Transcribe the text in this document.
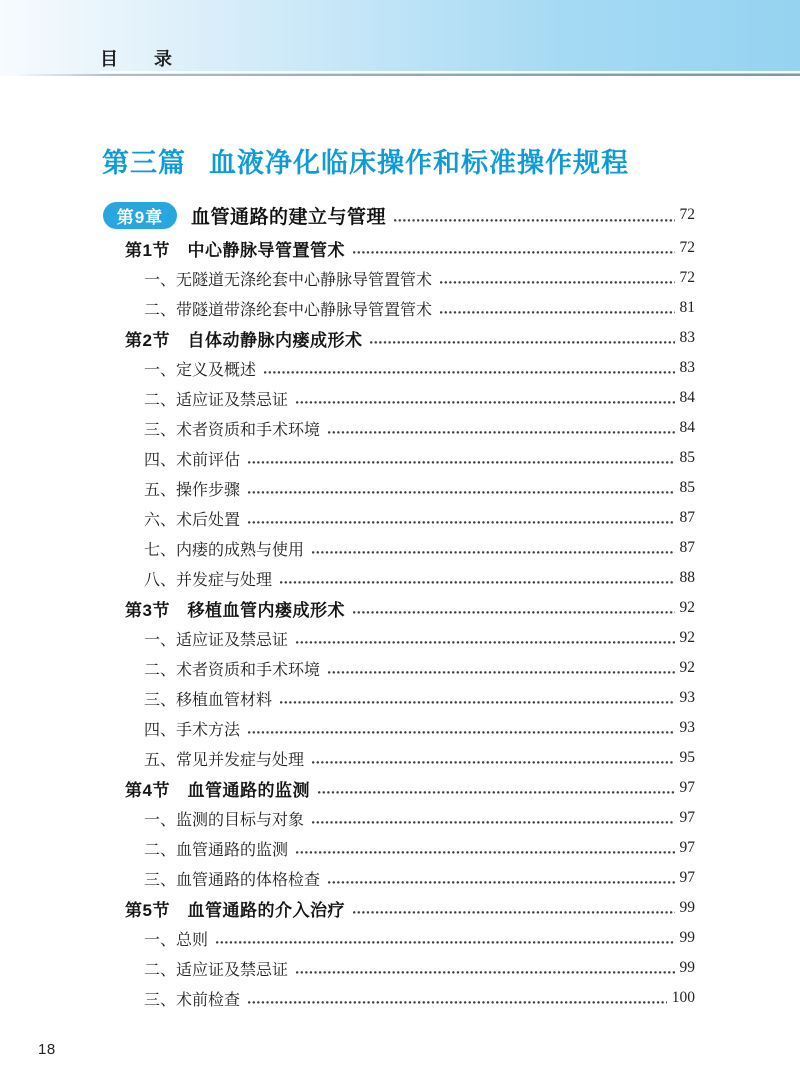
目　　录
第三篇 血液净化临床操作和标准操作规程
第9章	血管通路的建立与管理	72
第1节　中心静脉导管置管术	72
一、无隧道无涤纶套中心静脉导管置管术	72
二、带隧道带涤纶套中心静脉导管置管术	81
第2节　自体动静脉内瘘成形术	83
一、定义及概述	83
二、适应证及禁忌证	84
三、术者资质和手术环境	84
四、术前评估	85
五、操作步骤	85
六、术后处置	87
七、内瘘的成熟与使用	87
八、并发症与处理	88
第3节　移植血管内瘘成形术	92
一、适应证及禁忌证	92
二、术者资质和手术环境	92
三、移植血管材料	93
四、手术方法	93
五、常见并发症与处理	95
第4节　血管通路的监测	97
一、监测的目标与对象	97
二、血管通路的监测	97
三、血管通路的体格检查	97
第5节　血管通路的介入治疗	99
一、总则	99
二、适应证及禁忌证	99
三、术前检查	100
18
